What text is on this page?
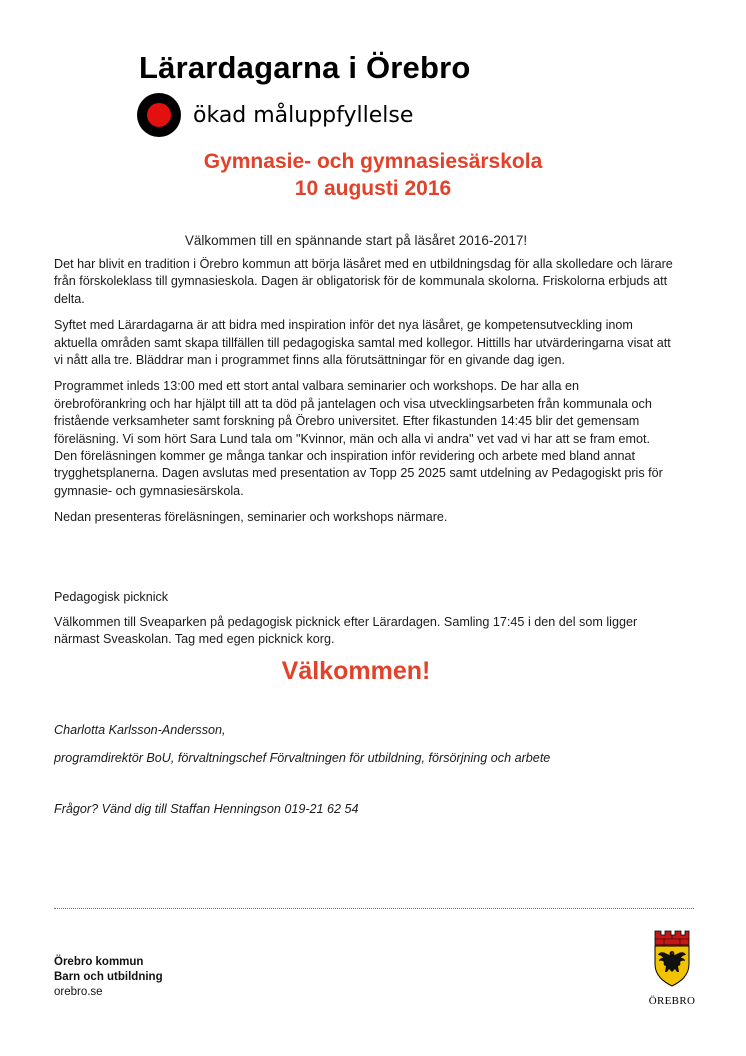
Lärardagarna i Örebro
ökad måluppfyllelse
Gymnasie- och gymnasiesärskola
10 augusti 2016
Välkommen till en spännande start på läsåret 2016-2017!

Det har blivit en tradition i Örebro kommun att börja läsåret med en utbildningsdag för alla skolledare och lärare från förskoleklass till gymnasieskola. Dagen är obligatorisk för de kommunala skolorna. Friskolorna erbjuds att delta.

Syftet med Lärardagarna är att bidra med inspiration inför det nya läsåret, ge kompetensutveckling inom aktuella områden samt skapa tillfällen till pedagogiska samtal med kollegor. Hittills har utvärderingarna visat att vi nått alla tre. Bläddrar man i programmet finns alla förutsättningar för en givande dag igen.

Programmet inleds 13:00 med ett stort antal valbara seminarier och workshops. De har alla en örebroförankring och har hjälpt till att ta död på jantelagen och visa utvecklingsarbeten från kommunala och fristående verksamheter samt forskning på Örebro universitet. Efter fikastunden 14:45 blir det gemensam föreläsning. Vi som hört Sara Lund tala om "Kvinnor, män och alla vi andra" vet vad vi har att se fram emot. Den föreläsningen kommer ge många tankar och inspiration inför revidering och arbete med bland annat trygghetsplanerna. Dagen avslutas med presentation av Topp 25 2025 samt utdelning av Pedagogiskt pris för gymnasie- och gymnasiesärskola.

Nedan presenteras föreläsningen, seminarier och workshops närmare.

Pedagogisk picknick
Välkommen till Sveaparken på pedagogisk picknick efter Lärardagen. Samling 17:45 i den del som ligger närmast Sveaskolan. Tag med egen picknick korg.
Välkommen!
Charlotta Karlsson-Andersson,
programdirektör BoU, förvaltningschef Förvaltningen för utbildning, försörjning och arbete
Frågor? Vänd dig till Staffan Henningson 019-21 62 54
Örebro kommun
Barn och utbildning
orebro.se
ÖREBRO
